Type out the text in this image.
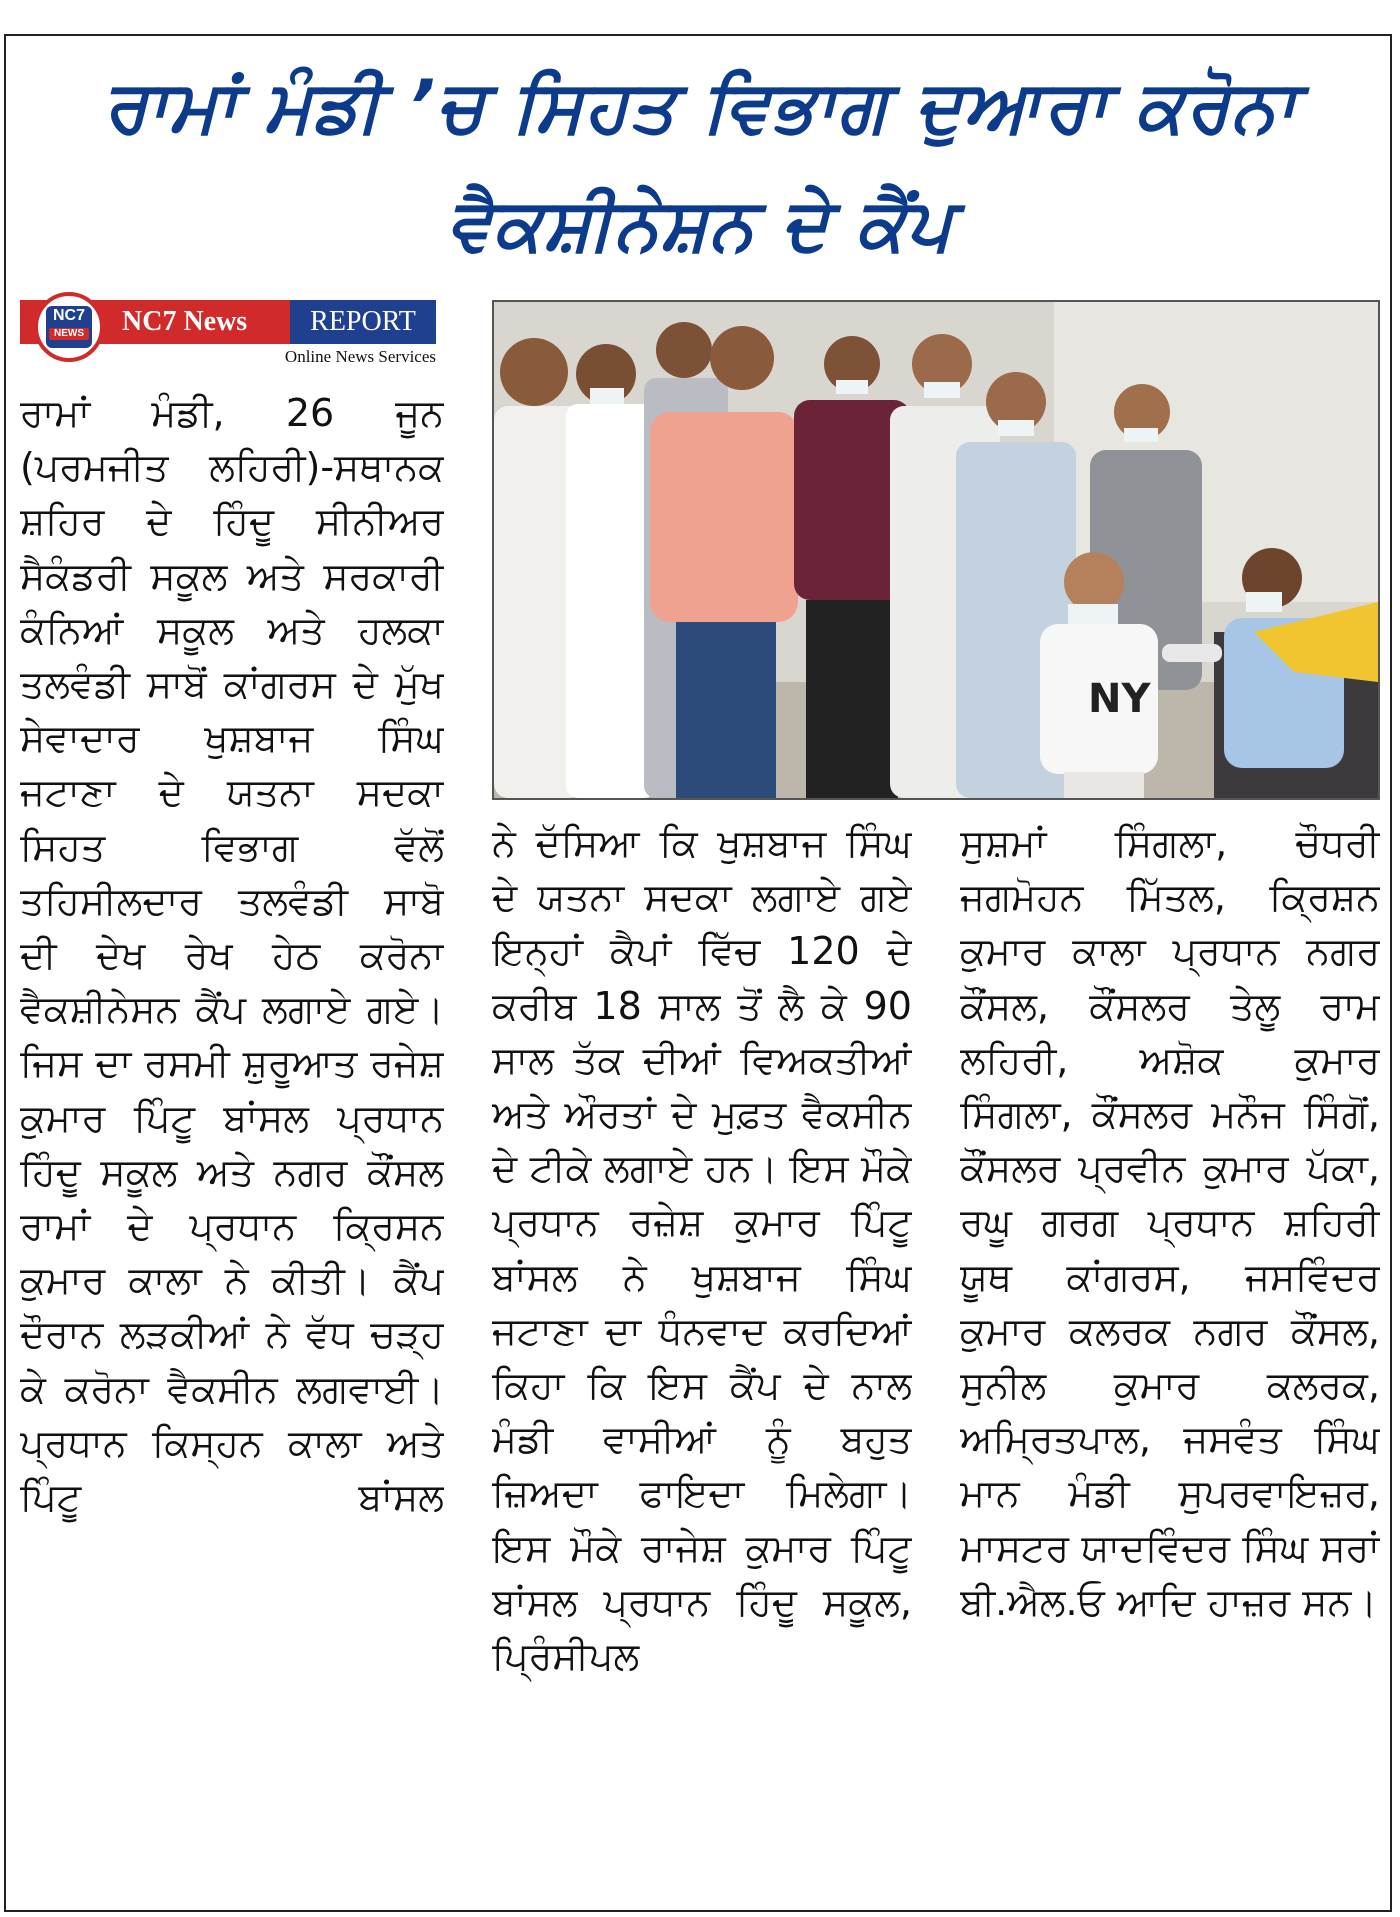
ਰਾਮਾਂ ਮੰਡੀ ’ਚ ਸਿਹਤ ਵਿਭਾਗ ਦੁਆਰਾ ਕਰੋਨਾ
ਵੈਕਸ਼ੀਨੇਸ਼ਨ ਦੇ ਕੈਂਪ
NC7 News	REPORT
NC7
NEWS
Online News Services
NY
ਰਾਮਾਂ ਮੰਡੀ, 26 ਜੂਨ (ਪਰਮਜੀਤ ਲਹਿਰੀ)-ਸਥਾਨਕ ਸ਼ਹਿਰ ਦੇ ਹਿੰਦੂ ਸੀਨੀਅਰ ਸੈਕੰਡਰੀ ਸਕੂਲ ਅਤੇ ਸਰਕਾਰੀ ਕੰਨਿਆਂ ਸਕੂਲ ਅਤੇ ਹਲਕਾ ਤਲਵੰਡੀ ਸਾਬੋਂ ਕਾਂਗਰਸ ਦੇ ਮੁੱਖ ਸੇਵਾਦਾਰ ਖੁਸ਼ਬਾਜ ਸਿੰਘ ਜਟਾਣਾ ਦੇ ਯਤਨਾ ਸਦਕਾ ਸਿਹਤ ਵਿਭਾਗ ਵੱਲੋਂ ਤਹਿਸੀਲਦਾਰ ਤਲਵੰਡੀ ਸਾਬੋ ਦੀ ਦੇਖ ਰੇਖ ਹੇਠ ਕਰੋਨਾ ਵੈਕਸ਼ੀਨੇਸਨ ਕੈਂਪ ਲਗਾਏ ਗਏ। ਜਿਸ ਦਾ ਰਸਮੀ ਸ਼ੁਰੂਆਤ ਰਜੇਸ਼ ਕੁਮਾਰ ਪਿੰਟੂ ਬਾਂਸਲ ਪ੍ਰਧਾਨ ਹਿੰਦੂ ਸਕੂਲ ਅਤੇ ਨਗਰ ਕੌਂਸਲ ਰਾਮਾਂ ਦੇ ਪ੍ਰਧਾਨ ਕ੍ਰਿਸਨ ਕੁਮਾਰ ਕਾਲਾ ਨੇ ਕੀਤੀ। ਕੈਂਪ ਦੌਰਾਨ ਲੜਕੀਆਂ ਨੇ ਵੱਧ ਚੜ੍ਹ ਕੇ ਕਰੋਨਾ ਵੈਕਸੀਨ ਲਗਵਾਈ। ਪ੍ਰਧਾਨ ਕਿਸ੍ਹਨ ਕਾਲਾ ਅਤੇ ਪਿੰਟੂ ਬਾਂਸਲ
ਨੇ ਦੱਸਿਆ ਕਿ ਖੁਸ਼ਬਾਜ ਸਿੰਘ ਦੇ ਯਤਨਾ ਸਦਕਾ ਲਗਾਏ ਗਏ ਇਨ੍ਹਾਂ ਕੈਪਾਂ ਵਿੱਚ 120 ਦੇ ਕਰੀਬ 18 ਸਾਲ ਤੋਂ ਲੈ ਕੇ 90 ਸਾਲ ਤੱਕ ਦੀਆਂ ਵਿਅਕਤੀਆਂ ਅਤੇ ਔਰਤਾਂ ਦੇ ਮੁਫ਼ਤ ਵੈਕਸੀਨ ਦੇ ਟੀਕੇ ਲਗਾਏ ਹਨ। ਇਸ ਮੌਕੇ ਪ੍ਰਧਾਨ ਰਜ਼ੇਸ਼ ਕੁਮਾਰ ਪਿੰਟੂ ਬਾਂਸਲ ਨੇ ਖੁਸ਼ਬਾਜ ਸਿੰਘ ਜਟਾਣਾ ਦਾ ਧੰਨਵਾਦ ਕਰਦਿਆਂ ਕਿਹਾ ਕਿ ਇਸ ਕੈਂਪ ਦੇ ਨਾਲ ਮੰਡੀ ਵਾਸੀਆਂ ਨੂੰ ਬਹੁਤ ਜ਼ਿਅਦਾ ਫਾਇਦਾ ਮਿਲੇਗਾ। ਇਸ ਮੌਕੇ ਰਾਜੇਸ਼ ਕੁਮਾਰ ਪਿੰਟੂ ਬਾਂਸਲ ਪ੍ਰਧਾਨ ਹਿੰਦੂ ਸਕੂਲ, ਪ੍ਰਿੰਸੀਪਲ
ਸੁਸ਼ਮਾਂ ਸਿੰਗਲਾ, ਚੌਧਰੀ ਜਗਮੋਹਨ ਮਿੱਤਲ, ਕ੍ਰਿਸ਼ਨ ਕੁਮਾਰ ਕਾਲਾ ਪ੍ਰਧਾਨ ਨਗਰ ਕੌਂਸਲ, ਕੌਂਸਲਰ ਤੇਲੂ ਰਾਮ ਲਹਿਰੀ, ਅਸ਼ੋਕ ਕੁਮਾਰ ਸਿੰਗਲਾ, ਕੌਂਸਲਰ ਮਨੌਜ ਸਿੰਗੋਂ, ਕੌਂਸਲਰ ਪ੍ਰਵੀਨ ਕੁਮਾਰ ਪੱਕਾ, ਰਘੂ ਗਰਗ ਪ੍ਰਧਾਨ ਸ਼ਹਿਰੀ ਯੂਥ ਕਾਂਗਰਸ, ਜਸਵਿੰਦਰ ਕੁਮਾਰ ਕਲਰਕ ਨਗਰ ਕੌਂਸਲ, ਸੁਨੀਲ ਕੁਮਾਰ ਕਲਰਕ, ਅਮ੍ਰਿਤਪਾਲ, ਜਸਵੰਤ ਸਿੰਘ ਮਾਨ ਮੰਡੀ ਸੁਪਰਵਾਇਜ਼ਰ, ਮਾਸਟਰ ਯਾਦਵਿੰਦਰ ਸਿੰਘ ਸਰਾਂ ਬੀ.ਐਲ.ਓ ਆਦਿ ਹਾਜ਼ਰ ਸਨ।
